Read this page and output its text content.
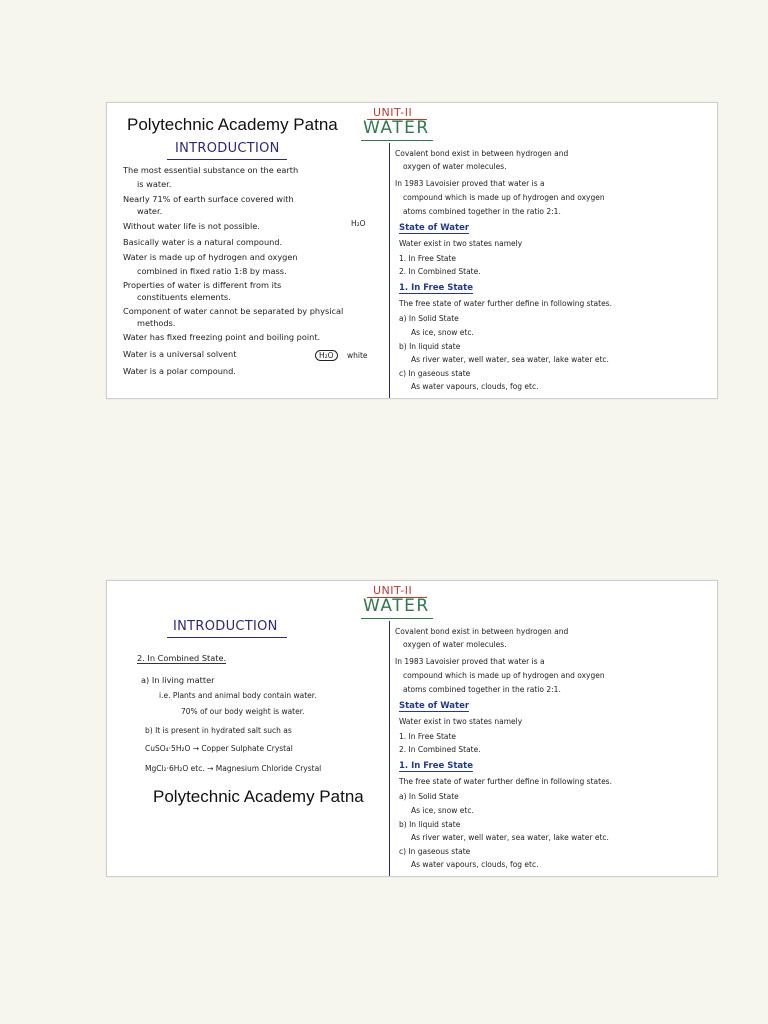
Polytechnic Academy Patna
UNIT-II
WATER
INTRODUCTION
The most essential substance on the earth
is water.
Nearly 71% of earth surface covered with
water.
Without water life is not possible.	H₂O
Basically water is a natural compound.
Water is made up of hydrogen and oxygen
combined in fixed ratio 1:8 by mass.
Properties of water is different from its
constituents elements.
Component of water cannot be separated by physical
methods.
Water has fixed freezing point and boiling point.
Water is a universal solvent	H₂O	white
Water is a polar compound.
Covalent bond exist in between hydrogen and
oxygen of water molecules.
In 1983 Lavoisier proved that water is a
compound which is made up of hydrogen and oxygen
atoms combined together in the ratio 2:1.
State of Water
Water exist in two states namely
1. In Free State
2. In Combined State.
1. In Free State
The free state of water further define in following states.
a) In Solid State
As ice, snow etc.
b) In liquid state
As river water, well water, sea water, lake water etc.
c) In gaseous state
As water vapours, clouds, fog etc.
UNIT-II
WATER
INTRODUCTION
2. In Combined State.
a) In living matter
i.e. Plants and animal body contain water.
70% of our body weight is water.
b) It is present in hydrated salt such as
CuSO₄·5H₂O → Copper Sulphate Crystal
MgCl₂·6H₂O etc. → Magnesium Chloride Crystal
Polytechnic Academy Patna
Covalent bond exist in between hydrogen and
oxygen of water molecules.
In 1983 Lavoisier proved that water is a
compound which is made up of hydrogen and oxygen
atoms combined together in the ratio 2:1.
State of Water
Water exist in two states namely
1. In Free State
2. In Combined State.
1. In Free State
The free state of water further define in following states.
a) In Solid State
As ice, snow etc.
b) In liquid state
As river water, well water, sea water, lake water etc.
c) In gaseous state
As water vapours, clouds, fog etc.
